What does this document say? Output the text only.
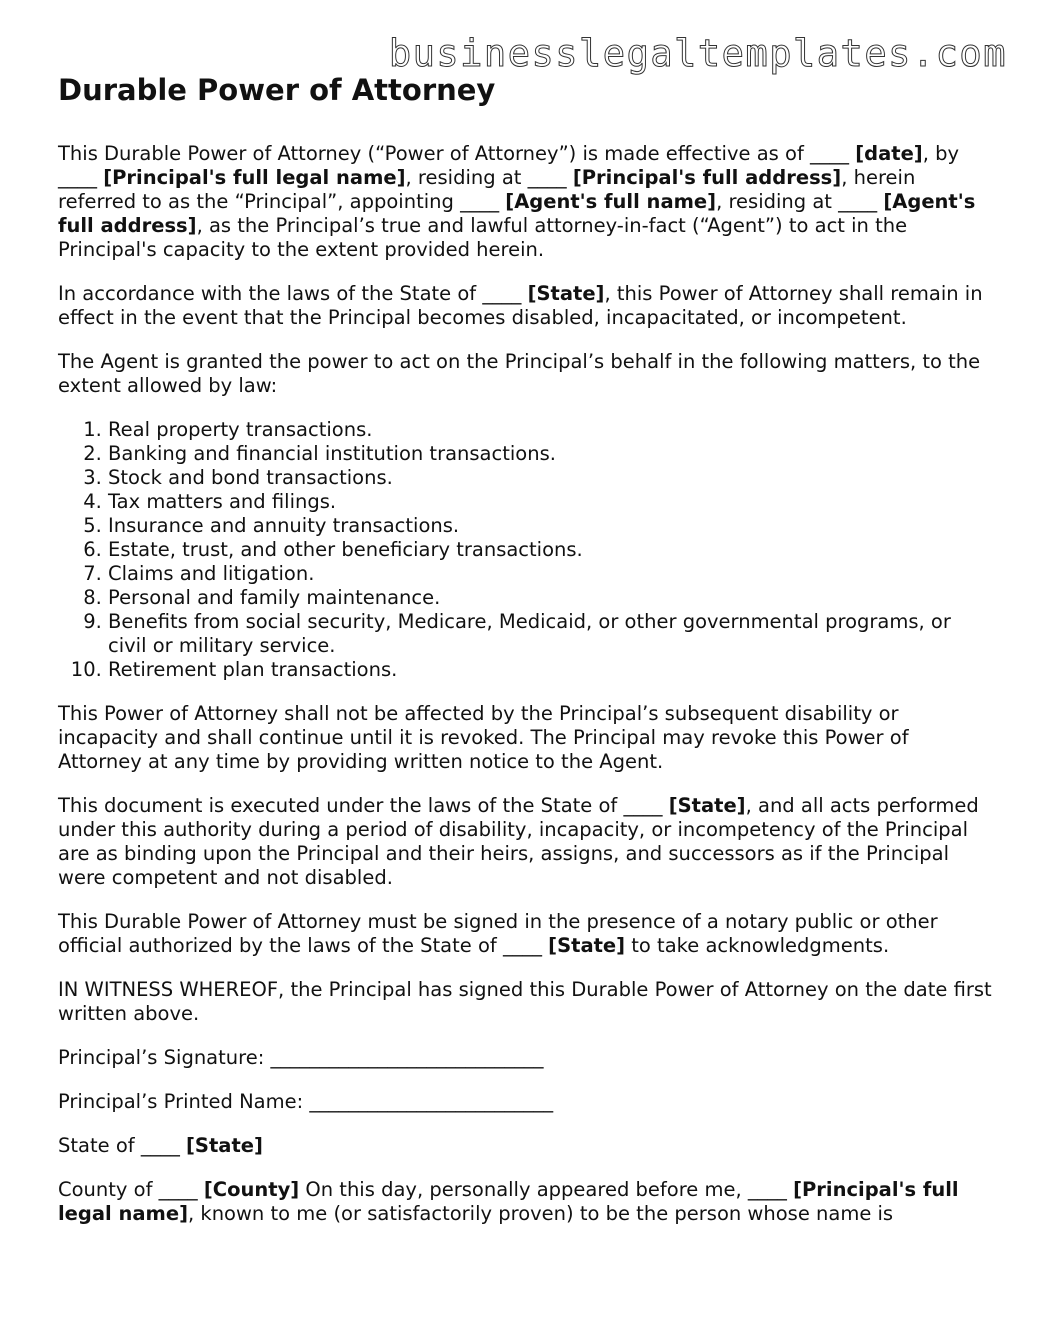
businesslegaltemplates.com
Durable Power of Attorney

This Durable Power of Attorney (“Power of Attorney”) is made effective as of ____ [date], by ____ [Principal's full legal name], residing at ____ [Principal's full address], herein referred to as the “Principal”, appointing ____ [Agent's full name], residing at ____ [Agent's full address], as the Principal’s true and lawful attorney-in-fact (“Agent”) to act in the Principal's capacity to the extent provided herein.

In accordance with the laws of the State of ____ [State], this Power of Attorney shall remain in effect in the event that the Principal becomes disabled, incapacitated, or incompetent.

The Agent is granted the power to act on the Principal’s behalf in the following matters, to the extent allowed by law:

1. Real property transactions.
2. Banking and financial institution transactions.
3. Stock and bond transactions.
4. Tax matters and filings.
5. Insurance and annuity transactions.
6. Estate, trust, and other beneficiary transactions.
7. Claims and litigation.
8. Personal and family maintenance.
9. Benefits from social security, Medicare, Medicaid, or other governmental programs, or civil or military service.
10. Retirement plan transactions.

This Power of Attorney shall not be affected by the Principal’s subsequent disability or incapacity and shall continue until it is revoked. The Principal may revoke this Power of Attorney at any time by providing written notice to the Agent.

This document is executed under the laws of the State of ____ [State], and all acts performed under this authority during a period of disability, incapacity, or incompetency of the Principal are as binding upon the Principal and their heirs, assigns, and successors as if the Principal were competent and not disabled.

This Durable Power of Attorney must be signed in the presence of a notary public or other official authorized by the laws of the State of ____ [State] to take acknowledgments.

IN WITNESS WHEREOF, the Principal has signed this Durable Power of Attorney on the date first written above.

Principal’s Signature: ____________________________

Principal’s Printed Name: _________________________

State of ____ [State]

County of ____ [County] On this day, personally appeared before me, ____ [Principal's full legal name], known to me (or satisfactorily proven) to be the person whose name is
